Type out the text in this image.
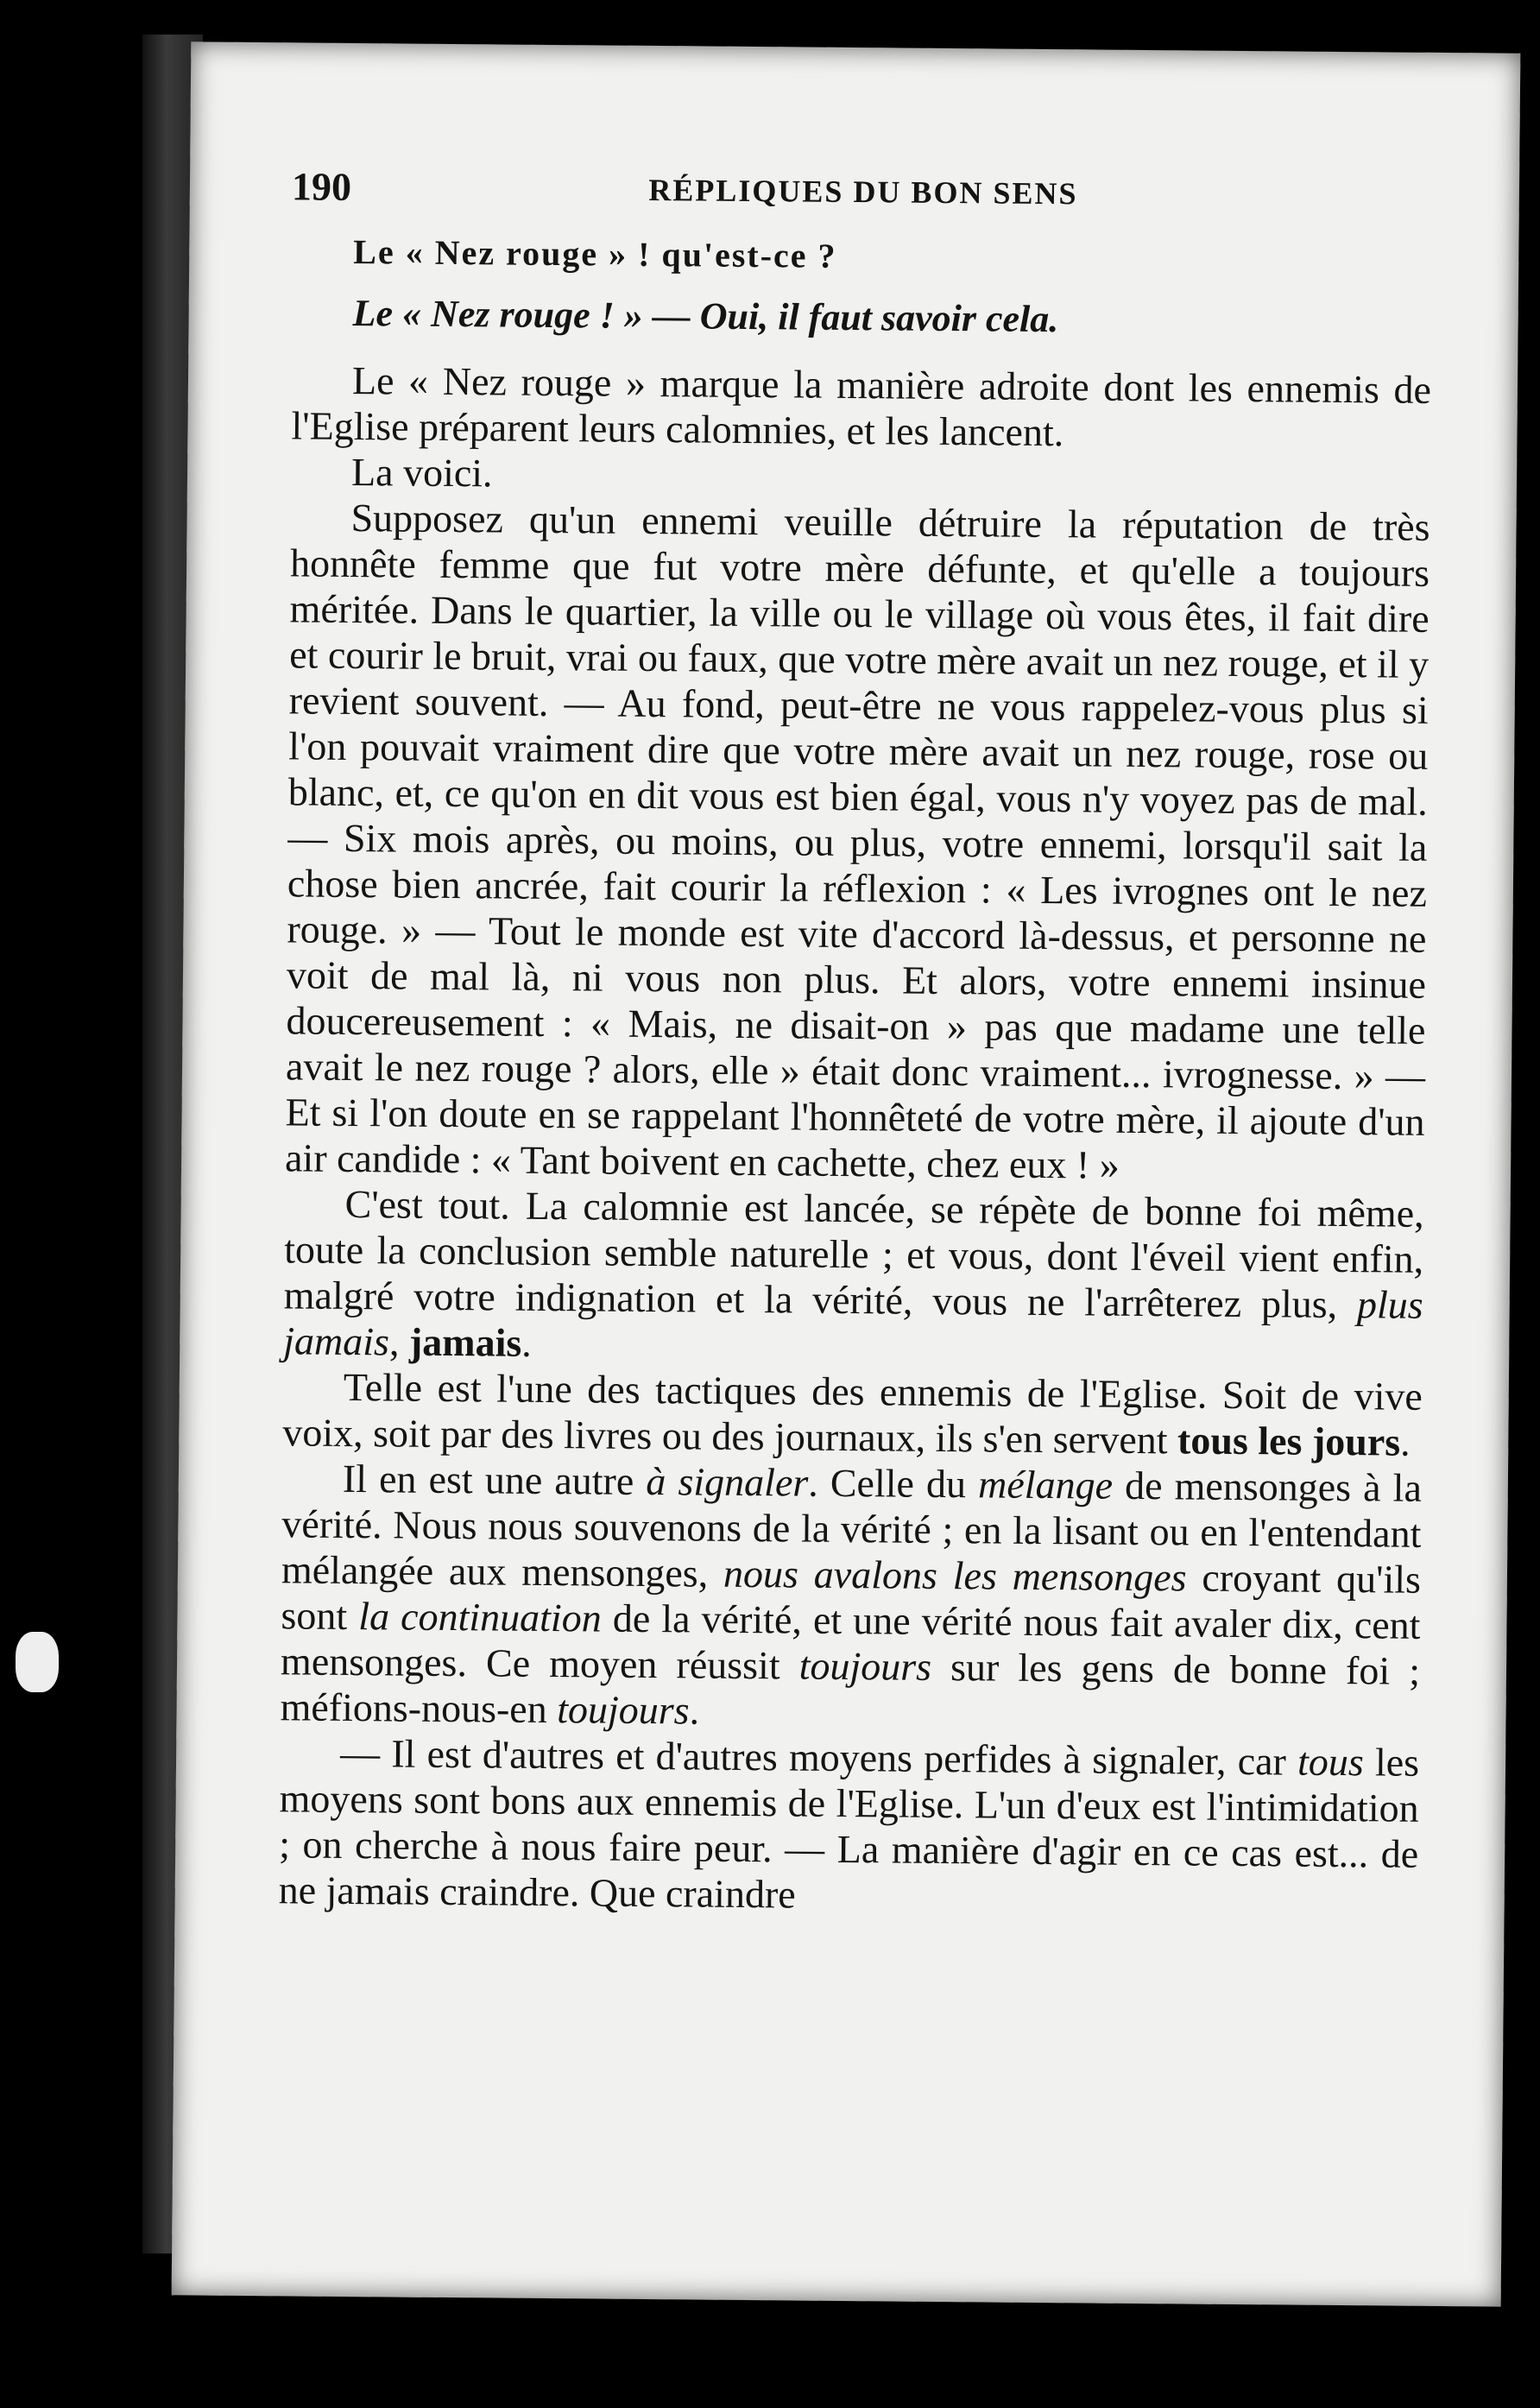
190	RÉPLIQUES DU BON SENS
Le « Nez rouge » ! qu'est-ce ?
Le « Nez rouge ! » — Oui, il faut savoir cela.

Le « Nez rouge » marque la manière adroite dont les ennemis de l'Eglise préparent leurs calomnies, et les lancent.

La voici.

Supposez qu'un ennemi veuille détruire la réputation de très honnête femme que fut votre mère défunte, et qu'elle a toujours méritée. Dans le quartier, la ville ou le village où vous êtes, il fait dire et courir le bruit, vrai ou faux, que votre mère avait un nez rouge, et il y revient souvent. — Au fond, peut-être ne vous rappelez-vous plus si l'on pouvait vraiment dire que votre mère avait un nez rouge, rose ou blanc, et, ce qu'on en dit vous est bien égal, vous n'y voyez pas de mal. — Six mois après, ou moins, ou plus, votre ennemi, lorsqu'il sait la chose bien ancrée, fait courir la réflexion : « Les ivrognes ont le nez rouge. » — Tout le monde est vite d'accord là-dessus, et personne ne voit de mal là, ni vous non plus. Et alors, votre ennemi insinue doucereusement : « Mais, ne disait-on » pas que madame une telle avait le nez rouge ? alors, elle » était donc vraiment... ivrognesse. » — Et si l'on doute en se rappelant l'honnêteté de votre mère, il ajoute d'un air candide : « Tant boivent en cachette, chez eux ! »

C'est tout. La calomnie est lancée, se répète de bonne foi même, toute la conclusion semble naturelle ; et vous, dont l'éveil vient enfin, malgré votre indignation et la vérité, vous ne l'arrêterez plus, plus jamais, jamais.

Telle est l'une des tactiques des ennemis de l'Eglise. Soit de vive voix, soit par des livres ou des journaux, ils s'en servent tous les jours.

Il en est une autre à signaler. Celle du mélange de mensonges à la vérité. Nous nous souvenons de la vérité ; en la lisant ou en l'entendant mélangée aux mensonges, nous avalons les mensonges croyant qu'ils sont la continuation de la vérité, et une vérité nous fait avaler dix, cent mensonges. Ce moyen réussit toujours sur les gens de bonne foi ; méfions-nous-en toujours.

— Il est d'autres et d'autres moyens perfides à signaler, car tous les moyens sont bons aux ennemis de l'Eglise. L'un d'eux est l'intimidation ; on cherche à nous faire peur. — La manière d'agir en ce cas est... de ne jamais craindre. Que craindre
